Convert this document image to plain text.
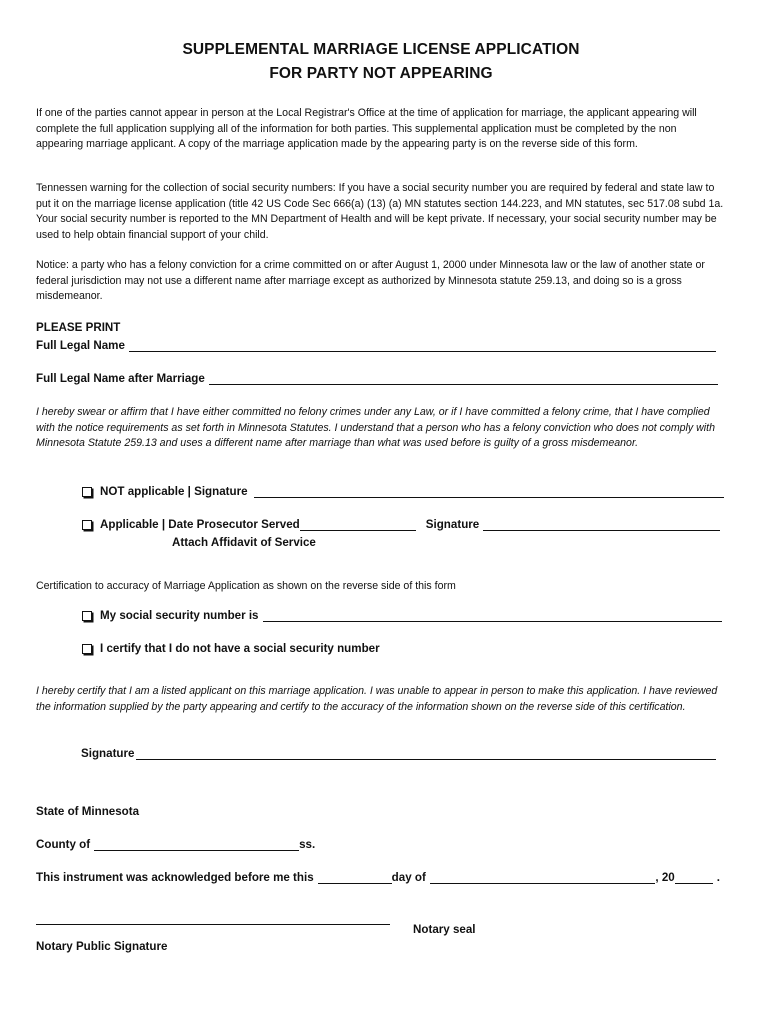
SUPPLEMENTAL MARRIAGE LICENSE APPLICATION
FOR PARTY NOT APPEARING

If one of the parties cannot appear in person at the Local Registrar's Office at the time of application for marriage, the applicant appearing will complete the full application supplying all of the information for both parties. This supplemental application must be completed by the non appearing marriage applicant. A copy of the marriage application made by the appearing party is on the reverse side of this form.

Tennessen warning for the collection of social security numbers: If you have a social security number you are required by federal and state law to put it on the marriage license application (title 42 US Code Sec 666(a) (13) (a) MN statutes section 144.223, and MN statutes, sec 517.08 subd 1a. Your social security number is reported to the MN Department of Health and will be kept private. If necessary, your social security number may be used to help obtain financial support of your child.

Notice: a party who has a felony conviction for a crime committed on or after August 1, 2000 under Minnesota law or the law of another state or federal jurisdiction may not use a different name after marriage except as authorized by Minnesota statute 259.13, and doing so is a gross misdemeanor.

PLEASE PRINT
Full Legal Name
Full Legal Name after Marriage

I hereby swear or affirm that I have either committed no felony crimes under any Law, or if I have committed a felony crime, that I have complied with the notice requirements as set forth in Minnesota Statutes. I understand that a person who has a felony conviction who does not comply with Minnesota Statute 259.13 and uses a different name after marriage than what was used before is guilty of a gross misdemeanor.

NOT applicable | Signature
Applicable | Date Prosecutor Served	Signature
Attach Affidavit of Service

Certification to accuracy of Marriage Application as shown on the reverse side of this form

My social security number is
I certify that I do not have a social security number

I hereby certify that I am a listed applicant on this marriage application. I was unable to appear in person to make this application. I have reviewed the information supplied by the party appearing and certify to the accuracy of the information shown on the reverse side of this certification.

Signature
State of Minnesota
County of	ss.
This instrument was acknowledged before me this	day of	, 20	.
Notary seal
Notary Public Signature
